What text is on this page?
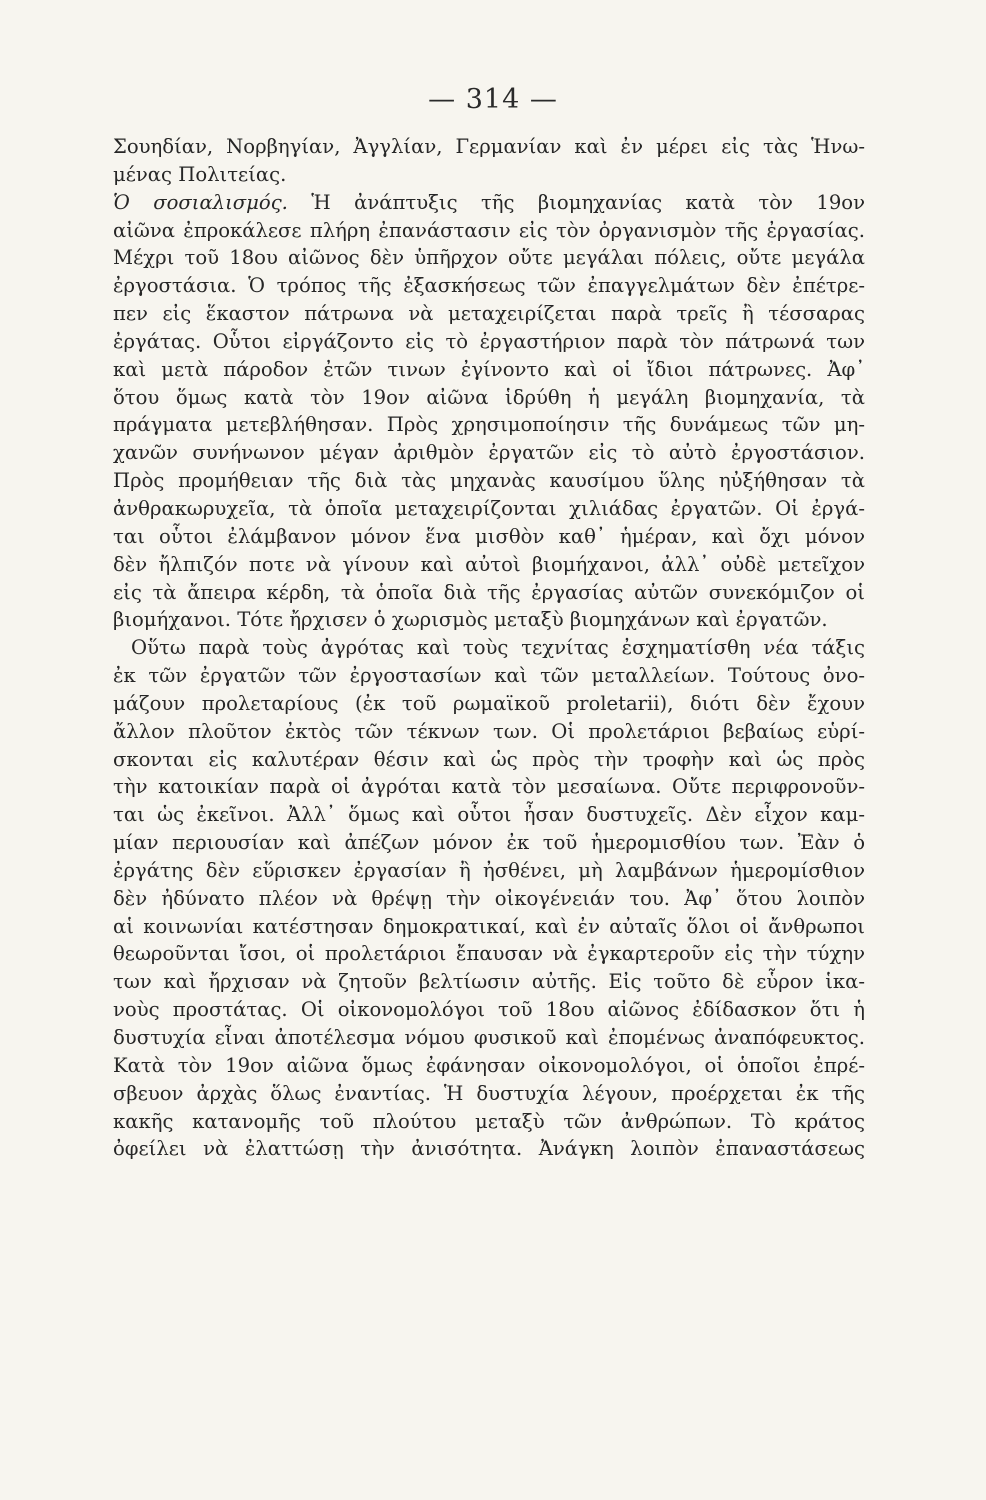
— 314 —
Σουηδίαν, Νορβηγίαν, Ἀγγλίαν, Γερμανίαν καὶ ἐν μέρει εἰς τὰς Ἡνω-
μένας Πολιτείας.
Ὁ σοσιαλισμός. Ἡ ἀνάπτυξις τῆς βιομηχανίας κατὰ τὸν 19ον
αἰῶνα ἐπροκάλεσε πλήρη ἐπανάστασιν εἰς τὸν ὀργανισμὸν τῆς ἐργασίας.
Μέχρι τοῦ 18ου αἰῶνος δὲν ὑπῆρχον οὔτε μεγάλαι πόλεις, οὔτε μεγάλα
ἐργοστάσια. Ὁ τρόπος τῆς ἐξασκήσεως τῶν ἐπαγγελμάτων δὲν ἐπέτρε-
πεν εἰς ἕκαστον πάτρωνα νὰ μεταχειρίζεται παρὰ τρεῖς ἢ τέσσαρας
ἐργάτας. Οὗτοι εἰργάζοντο εἰς τὸ ἐργαστήριον παρὰ τὸν πάτρωνά των
καὶ μετὰ πάροδον ἐτῶν τινων ἐγίνοντο καὶ οἱ ἴδιοι πάτρωνες. Ἀφ᾽
ὅτου ὅμως κατὰ τὸν 19ον αἰῶνα ἱδρύθη ἡ μεγάλη βιομηχανία, τὰ
πράγματα μετεβλήθησαν. Πρὸς χρησιμοποίησιν τῆς δυνάμεως τῶν μη-
χανῶν συνήνωνον μέγαν ἀριθμὸν ἐργατῶν εἰς τὸ αὐτὸ ἐργοστάσιον.
Πρὸς προμήθειαν τῆς διὰ τὰς μηχανὰς καυσίμου ὕλης ηὐξήθησαν τὰ
ἀνθρακωρυχεῖα, τὰ ὁποῖα μεταχειρίζονται χιλιάδας ἐργατῶν. Οἱ ἐργά-
ται οὗτοι ἐλάμβανον μόνον ἕνα μισθὸν καθ᾽ ἡμέραν, καὶ ὄχι μόνον
δὲν ἤλπιζόν ποτε νὰ γίνουν καὶ αὐτοὶ βιομήχανοι, ἀλλ᾽ οὐδὲ μετεῖχον
εἰς τὰ ἄπειρα κέρδη, τὰ ὁποῖα διὰ τῆς ἐργασίας αὐτῶν συνεκόμιζον οἱ
βιομήχανοι. Τότε ἤρχισεν ὁ χωρισμὸς μεταξὺ βιομηχάνων καὶ ἐργατῶν.
Οὕτω παρὰ τοὺς ἀγρότας καὶ τοὺς τεχνίτας ἐσχηματίσθη νέα τάξις
ἐκ τῶν ἐργατῶν τῶν ἐργοστασίων καὶ τῶν μεταλλείων. Τούτους ὀνο-
μάζουν προλεταρίους (ἐκ τοῦ ρωμαϊκοῦ proletarii), διότι δὲν ἔχουν
ἄλλον πλοῦτον ἐκτὸς τῶν τέκνων των. Οἱ προλετάριοι βεβαίως εὑρί-
σκονται εἰς καλυτέραν θέσιν καὶ ὡς πρὸς τὴν τροφὴν καὶ ὡς πρὸς
τὴν κατοικίαν παρὰ οἱ ἀγρόται κατὰ τὸν μεσαίωνα. Οὔτε περιφρονοῦν-
ται ὡς ἐκεῖνοι. Ἀλλ᾽ ὅμως καὶ οὗτοι ἦσαν δυστυχεῖς. Δὲν εἶχον καμ-
μίαν περιουσίαν καὶ ἀπέζων μόνον ἐκ τοῦ ἡμερομισθίου των. Ἐὰν ὁ
ἐργάτης δὲν εὕρισκεν ἐργασίαν ἢ ἠσθένει, μὴ λαμβάνων ἡμερομίσθιον
δὲν ἠδύνατο πλέον νὰ θρέψῃ τὴν οἰκογένειάν του. Ἀφ᾽ ὅτου λοιπὸν
αἱ κοινωνίαι κατέστησαν δημοκρατικαί, καὶ ἐν αὐταῖς ὅλοι οἱ ἄνθρωποι
θεωροῦνται ἴσοι, οἱ προλετάριοι ἔπαυσαν νὰ ἐγκαρτεροῦν εἰς τὴν τύχην
των καὶ ἤρχισαν νὰ ζητοῦν βελτίωσιν αὐτῆς. Εἰς τοῦτο δὲ εὗρον ἱκα-
νοὺς προστάτας. Οἱ οἰκονομολόγοι τοῦ 18ου αἰῶνος ἐδίδασκον ὅτι ἡ
δυστυχία εἶναι ἀποτέλεσμα νόμου φυσικοῦ καὶ ἐπομένως ἀναπόφευκτος.
Κατὰ τὸν 19ον αἰῶνα ὅμως ἐφάνησαν οἰκονομολόγοι, οἱ ὁποῖοι ἐπρέ-
σβευον ἀρχὰς ὅλως ἐναντίας. Ἡ δυστυχία λέγουν, προέρχεται ἐκ τῆς
κακῆς κατανομῆς τοῦ πλούτου μεταξὺ τῶν ἀνθρώπων. Τὸ κράτος
ὀφείλει νὰ ἐλαττώσῃ τὴν ἀνισότητα. Ἀνάγκη λοιπὸν ἐπαναστάσεως
